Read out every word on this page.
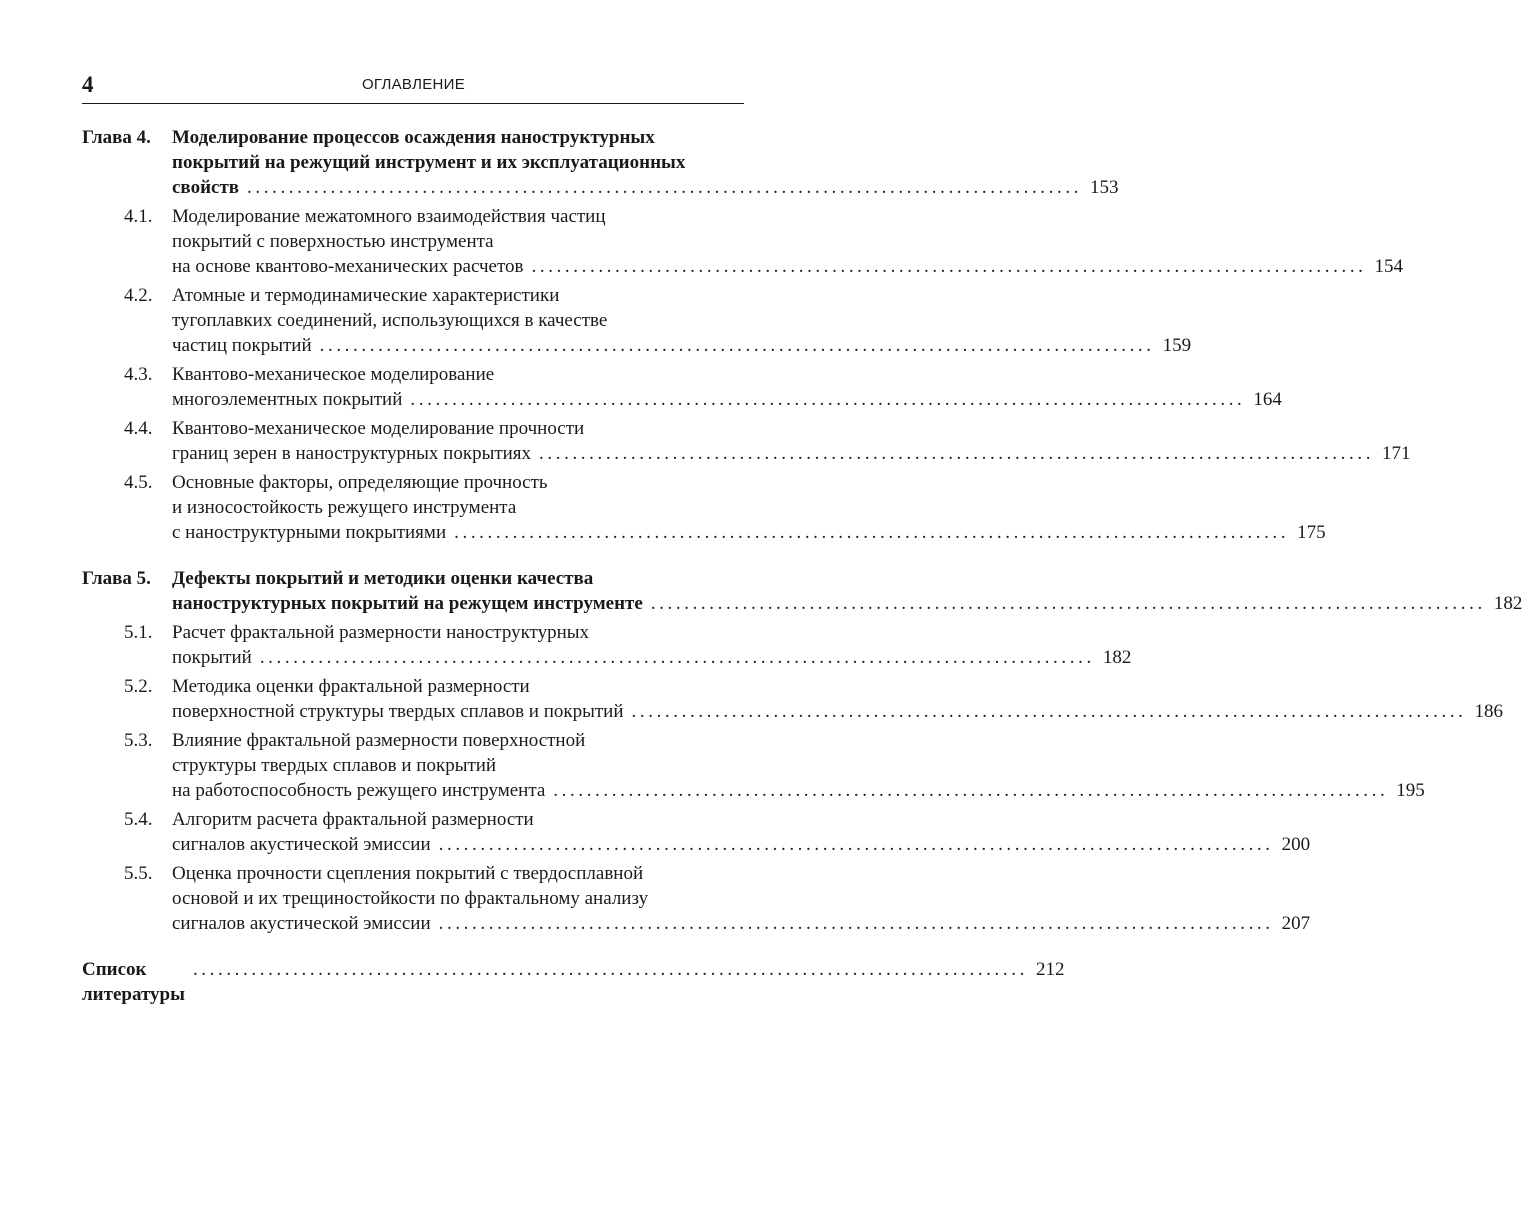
4	ОГЛАВЛЕНИЕ
Глава 4.	Моделирование процессов осаждения наноструктурных
покрытий на режущий инструмент и их эксплуатационных
свойств .................................................................................................... 153
4.1.	Моделирование межатомного взаимодействия частиц
покрытий с поверхностью инструмента
на основе квантово-механических расчетов .................................................................................................... 154
4.2.	Атомные и термодинамические характеристики
тугоплавких соединений, использующихся в качестве
частиц покрытий .................................................................................................... 159
4.3.	Квантово-механическое моделирование
многоэлементных покрытий .................................................................................................... 164
4.4.	Квантово-механическое моделирование прочности
границ зерен в наноструктурных покрытиях .................................................................................................... 171
4.5.	Основные факторы, определяющие прочность
и износостойкость режущего инструмента
с наноструктурными покрытиями .................................................................................................... 175
Глава 5.	Дефекты покрытий и методики оценки качества
наноструктурных покрытий на режущем инструменте .................................................................................................... 182
5.1.	Расчет фрактальной размерности наноструктурных
покрытий .................................................................................................... 182
5.2.	Методика оценки фрактальной размерности
поверхностной структуры твердых сплавов и покрытий .................................................................................................... 186
5.3.	Влияние фрактальной размерности поверхностной
структуры твердых сплавов и покрытий
на работоспособность режущего инструмента .................................................................................................... 195
5.4.	Алгоритм расчета фрактальной размерности
сигналов акустической эмиссии .................................................................................................... 200
5.5.	Оценка прочности сцепления покрытий с твердосплавной
основой и их трещиностойкости по фрактальному анализу
сигналов акустической эмиссии .................................................................................................... 207
Список литературы
.................................................................................................... 212
